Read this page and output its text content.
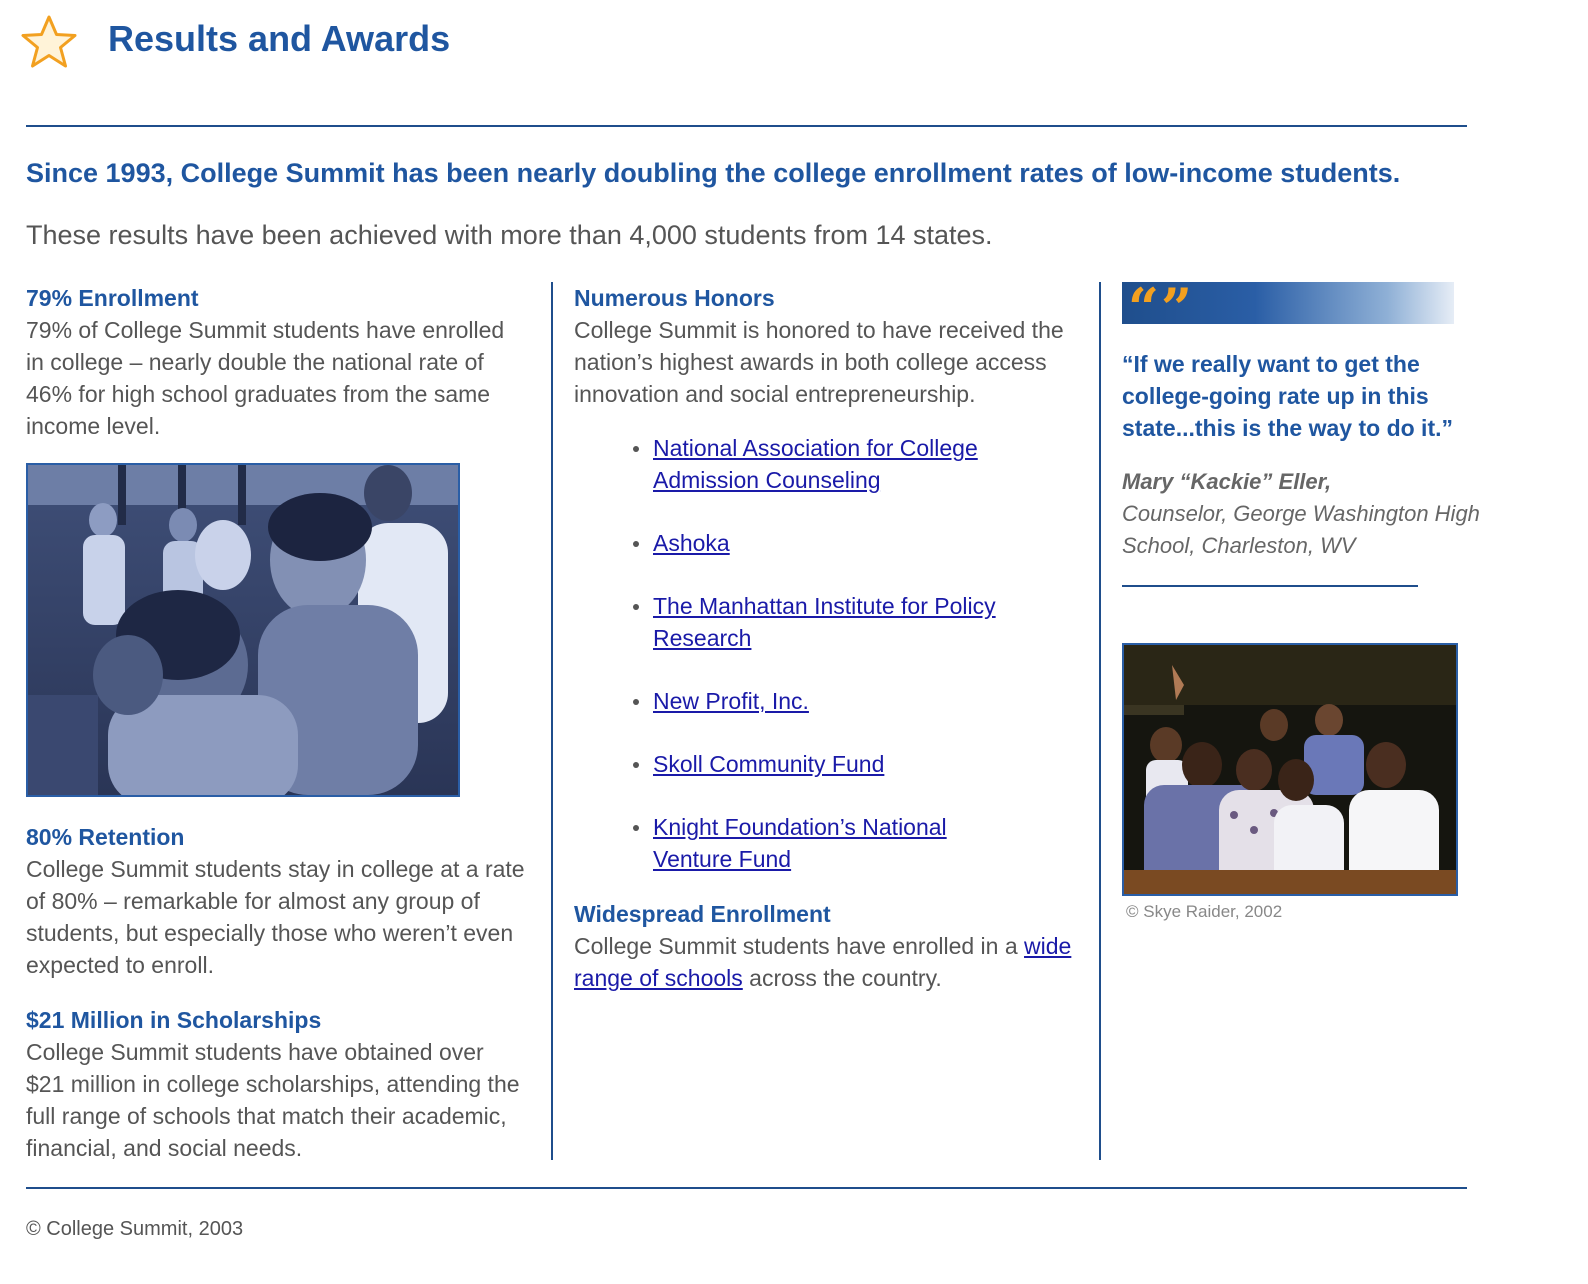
Results and Awards

Since 1993, College Summit has been nearly doubling the college enrollment rates of low-income students.

These results have been achieved with more than 4,000 students from 14 states.

79% Enrollment

79% of College Summit students have enrolled in college – nearly double the national rate of 46% for high school graduates from the same income level.

80% Retention

College Summit students stay in college at a rate of 80% – remarkable for almost any group of students, but especially those who weren’t even expected to enroll.

$21 Million in Scholarships

College Summit students have obtained over $21 million in college scholarships, attending the full range of schools that match their academic, financial, and social needs.

Numerous Honors

College Summit is honored to have received the nation’s highest awards in both college access innovation and social entrepreneurship.

National Association for College Admission Counseling
Ashoka
The Manhattan Institute for Policy Research
New Profit, Inc.
Skoll Community Fund
Knight Foundation’s National Venture Fund
Widespread Enrollment

College Summit students have enrolled in a wide range of schools across the country.

“”

“If we really want to get the college-going rate up in this state...this is the way to do it.”

Mary “Kackie” Eller,

Counselor, George Washington High School, Charleston, WV

© Skye Raider, 2002

© College Summit, 2003
